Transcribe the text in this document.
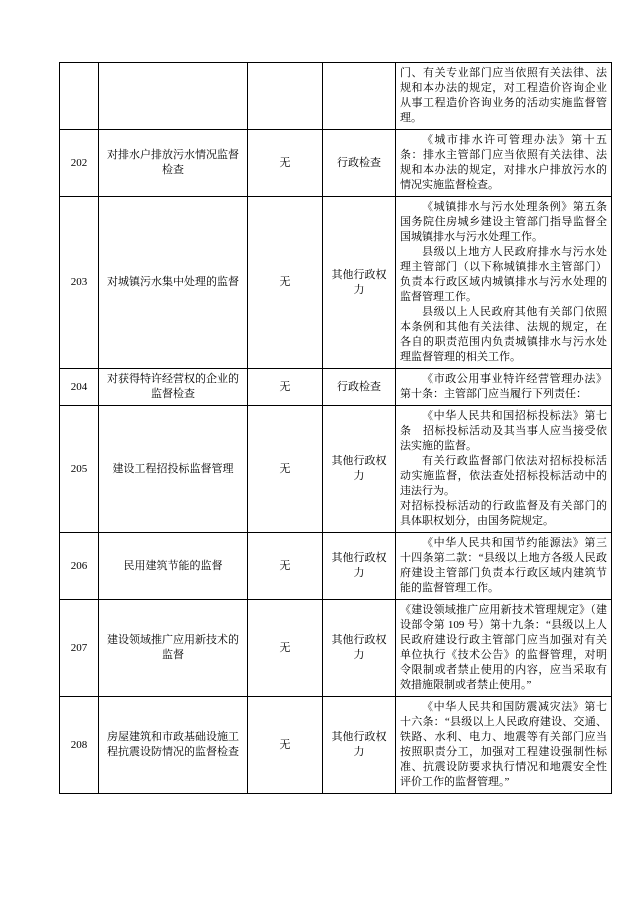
				门、有关专业部门应当依照有关法律、法规和本办法的规定，对工程造价咨询企业从事工程造价咨询业务的活动实施监督管理。

202	对排水户排放污水情况监督检查	无	行政检查	《城市排水许可管理办法》第十五条：排水主管部门应当依照有关法律、法规和本办法的规定，对排水户排放污水的情况实施监督检查。

203	对城镇污水集中处理的监督	无	其他行政权力	《城镇排水与污水处理条例》第五条　国务院住房城乡建设主管部门指导监督全国城镇排水与污水处理工作。

县级以上地方人民政府排水与污水处理主管部门（以下称城镇排水主管部门）负责本行政区域内城镇排水与污水处理的监督管理工作。

县级以上人民政府其他有关部门依照本条例和其他有关法律、法规的规定，在各自的职责范围内负责城镇排水与污水处理监督管理的相关工作。

204	对获得特许经营权的企业的监督检查	无	行政检查	《市政公用事业特许经营管理办法》第十条：主管部门应当履行下列责任：

205	建设工程招投标监督管理	无	其他行政权力	《中华人民共和国招标投标法》第七条　招标投标活动及其当事人应当接受依法实施的监督。

有关行政监督部门依法对招标投标活动实施监督，依法查处招标投标活动中的违法行为。

对招标投标活动的行政监督及有关部门的具体职权划分，由国务院规定。

206	民用建筑节能的监督	无	其他行政权力	《中华人民共和国节约能源法》第三十四条第二款：“县级以上地方各级人民政府建设主管部门负责本行政区域内建筑节能的监督管理工作。

207	建设领域推广应用新技术的监督	无	其他行政权力	《建设领域推广应用新技术管理规定》（建设部令第 109 号）第十九条：“县级以上人民政府建设行政主管部门应当加强对有关单位执行《技术公告》的监督管理，对明令限制或者禁止使用的内容，应当采取有效措施限制或者禁止使用。”

208	房屋建筑和市政基础设施工程抗震设防情况的监督检查	无	其他行政权力	《中华人民共和国防震减灾法》第七十六条：“县级以上人民政府建设、交通、铁路、水利、电力、地震等有关部门应当按照职责分工，加强对工程建设强制性标准、抗震设防要求执行情况和地震安全性评价工作的监督管理。”
